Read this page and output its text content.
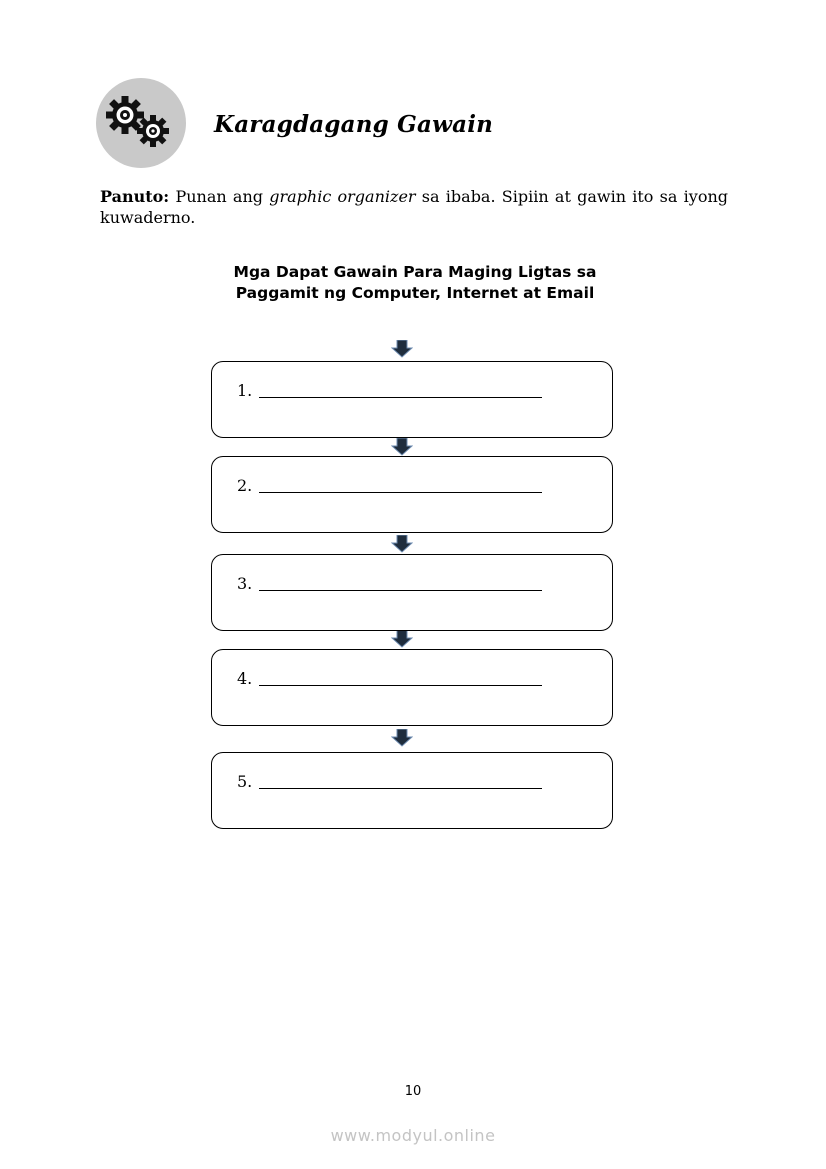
Karagdagang Gawain
Panuto: Punan ang graphic organizer sa ibaba. Sipiin at gawin ito sa iyong kuwaderno.
Mga Dapat Gawain Para Maging Ligtas sa Paggamit ng Computer, Internet at Email
1.
2.
3.
4.
5.
10
www.modyul.online
